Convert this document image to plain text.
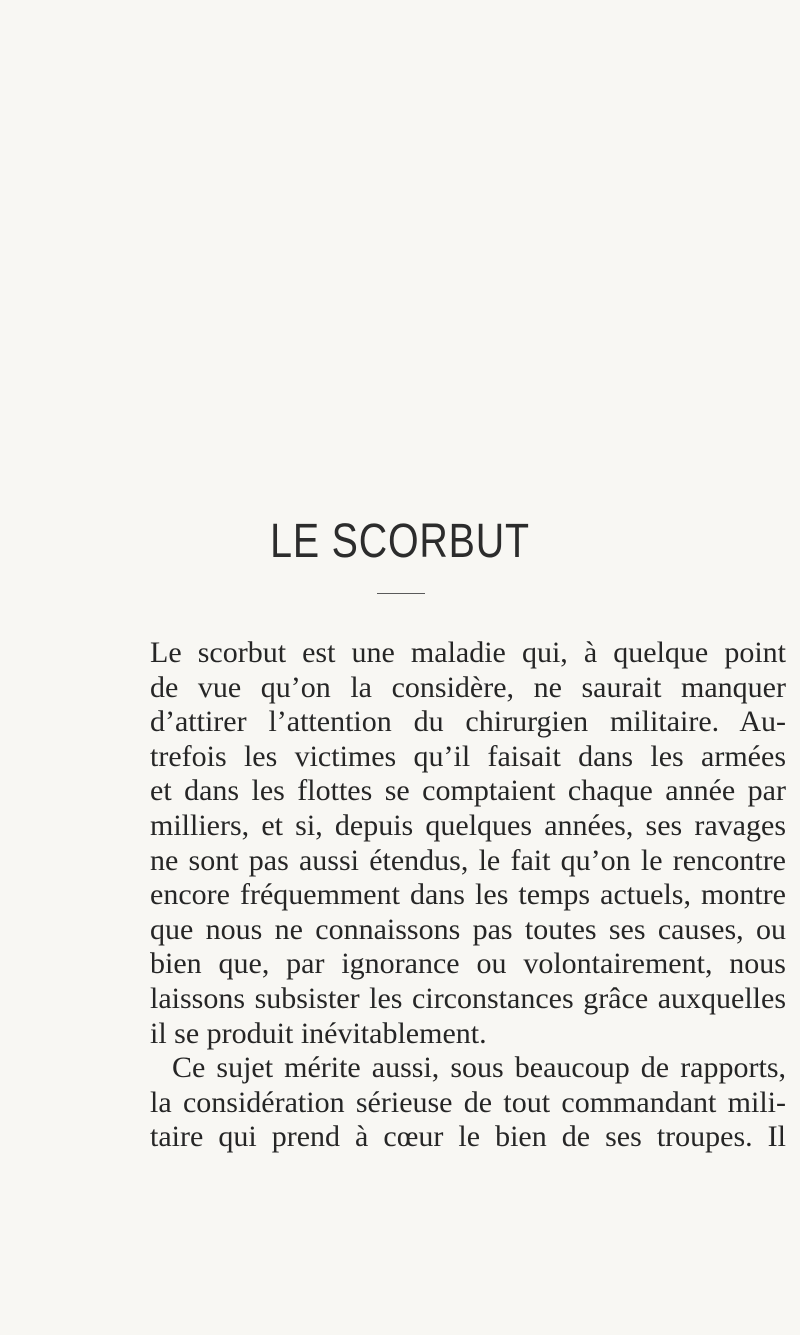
LE SCORBUT
Le scorbut est une maladie qui, à quelque point
de vue qu’on la considère, ne saurait manquer
d’attirer l’attention du chirurgien militaire. Au-
trefois les victimes qu’il faisait dans les armées
et dans les flottes se comptaient chaque année par
milliers, et si, depuis quelques années, ses ravages
ne sont pas aussi étendus, le fait qu’on le rencontre
encore fréquemment dans les temps actuels, montre
que nous ne connaissons pas toutes ses causes, ou
bien que, par ignorance ou volontairement, nous
laissons subsister les circonstances grâce auxquelles
il se produit inévitablement.
Ce sujet mérite aussi, sous beaucoup de rapports,
la considération sérieuse de tout commandant mili-
taire qui prend à cœur le bien de ses troupes. Il
